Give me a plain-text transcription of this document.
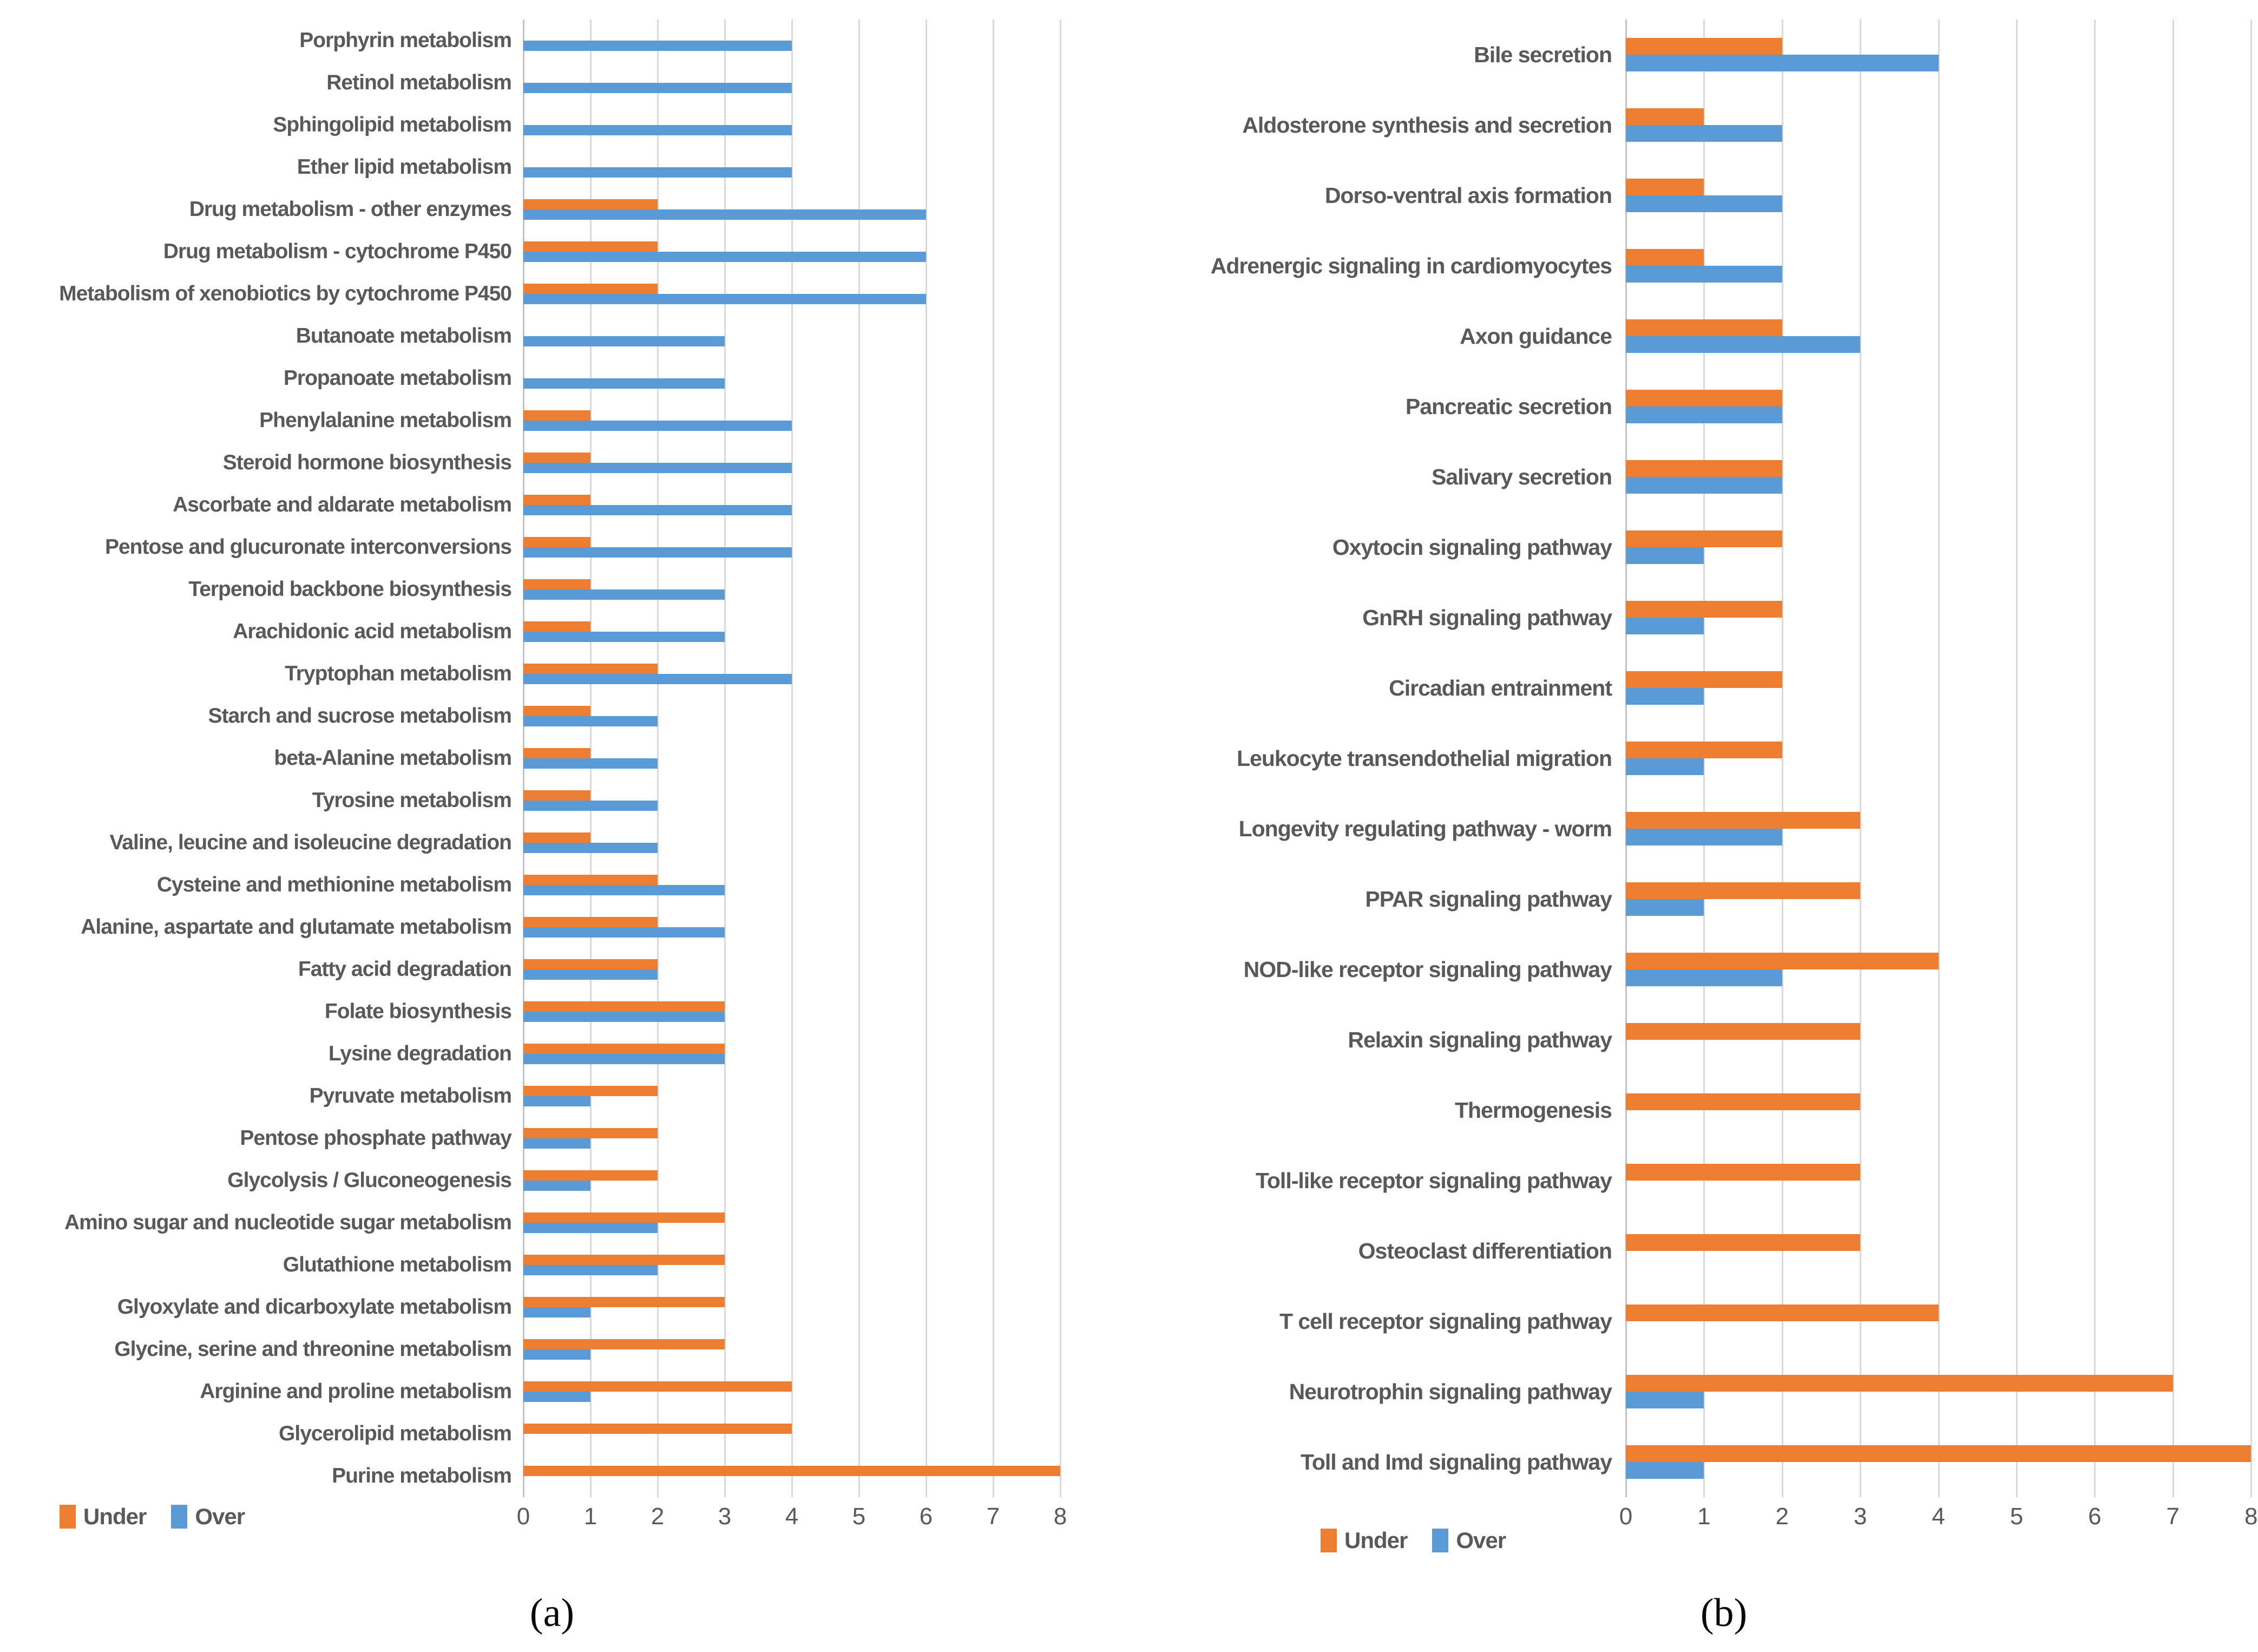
Porphyrin metabolism
Retinol metabolism
Sphingolipid metabolism
Ether lipid metabolism
Drug metabolism - other enzymes
Drug metabolism - cytochrome P450
Metabolism of xenobiotics by cytochrome P450
Butanoate metabolism
Propanoate metabolism
Phenylalanine metabolism
Steroid hormone biosynthesis
Ascorbate and aldarate metabolism
Pentose and glucuronate interconversions
Terpenoid backbone biosynthesis
Arachidonic acid metabolism
Tryptophan metabolism
Starch and sucrose metabolism
beta-Alanine metabolism
Tyrosine metabolism
Valine, leucine and isoleucine degradation
Cysteine and methionine metabolism
Alanine, aspartate and glutamate metabolism
Fatty acid degradation
Folate biosynthesis
Lysine degradation
Pyruvate metabolism
Pentose phosphate pathway
Glycolysis / Gluconeogenesis
Amino sugar and nucleotide sugar metabolism
Glutathione metabolism
Glyoxylate and dicarboxylate metabolism
Glycine, serine and threonine metabolism
Arginine and proline metabolism
Glycerolipid metabolism
Purine metabolism
0	1	2	3	4	5	6	7	8
Bile secretion
Aldosterone synthesis and secretion
Dorso-ventral axis formation
Adrenergic signaling in cardiomyocytes
Axon guidance
Pancreatic secretion
Salivary secretion
Oxytocin signaling pathway
GnRH signaling pathway
Circadian entrainment
Leukocyte transendothelial migration
Longevity regulating pathway - worm
PPAR signaling pathway
NOD-like receptor signaling pathway
Relaxin signaling pathway
Thermogenesis
Toll-like receptor signaling pathway
Osteoclast differentiation
T cell receptor signaling pathway
Neurotrophin signaling pathway
Toll and Imd signaling pathway
0	1	2	3	4	5	6	7	8
Under Over
Under Over
(a)	(b)
